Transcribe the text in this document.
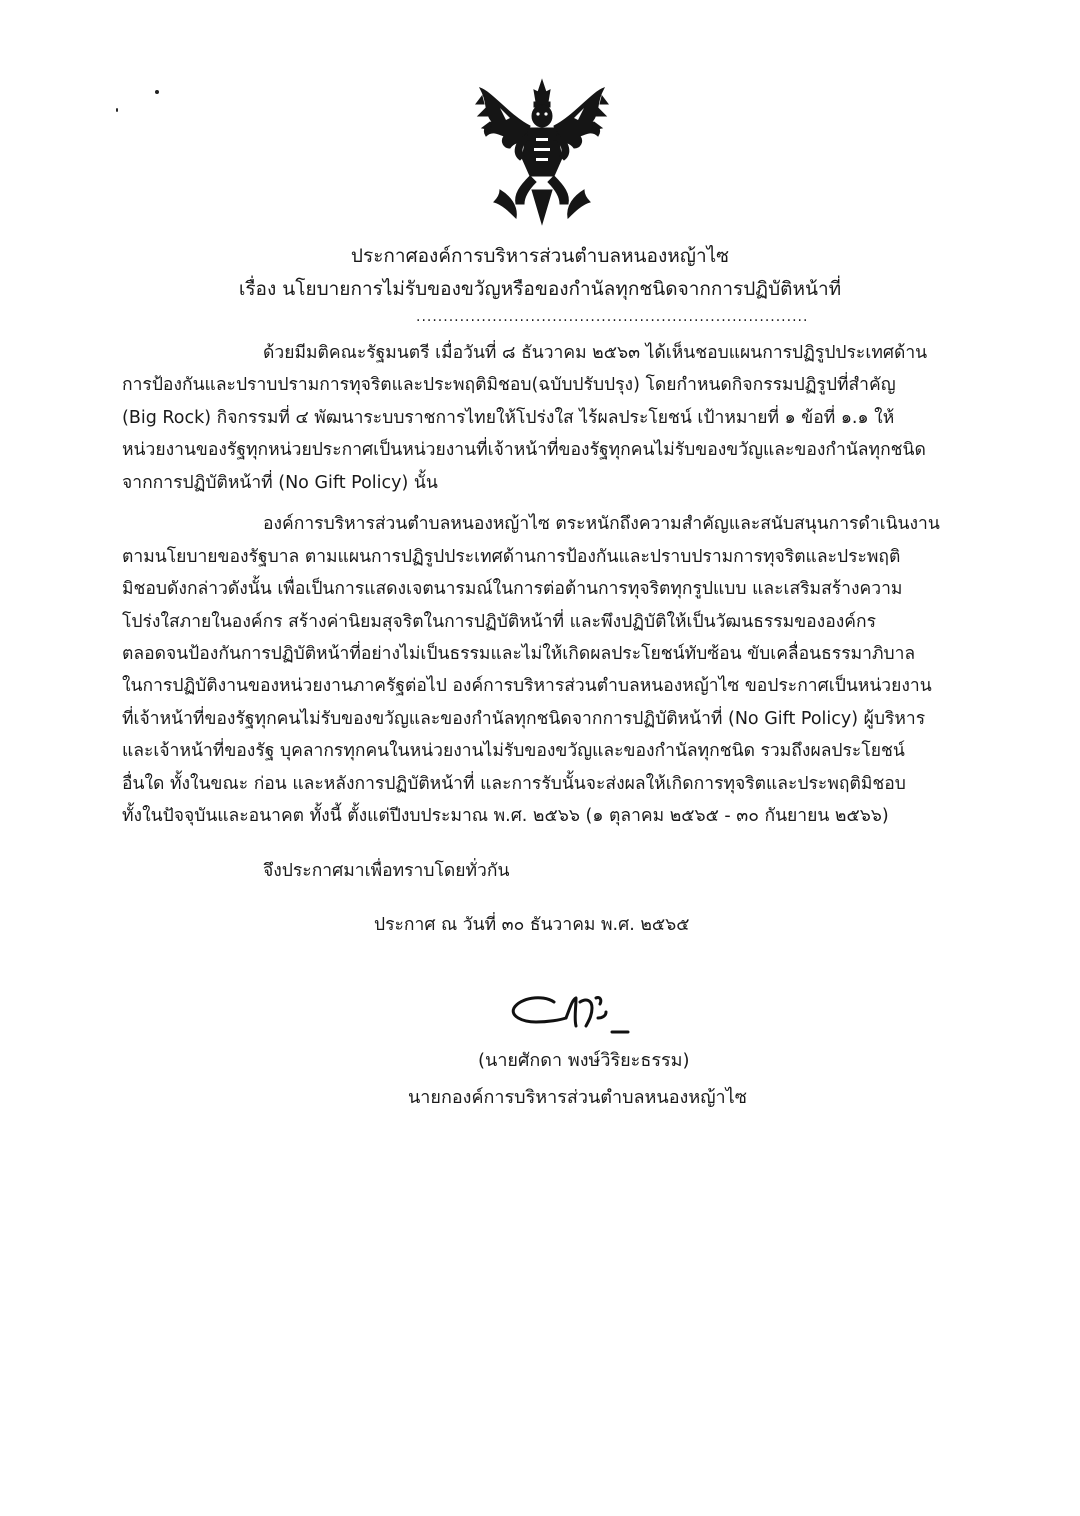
ประกาศองค์การบริหารส่วนตำบลหนองหญ้าไซ
เรื่อง นโยบายการไม่รับของขวัญหรือของกำนัลทุกชนิดจากการปฏิบัติหน้าที่
........................................................................
ด้วยมีมติคณะรัฐมนตรี เมื่อวันที่ ๘ ธันวาคม ๒๕๖๓ ได้เห็นชอบแผนการปฏิรูปประเทศด้าน
การป้องกันและปราบปรามการทุจริตและประพฤติมิชอบ(ฉบับปรับปรุง) โดยกำหนดกิจกรรมปฏิรูปที่สำคัญ
(Big Rock) กิจกรรมที่ ๔ พัฒนาระบบราชการไทยให้โปร่งใส ไร้ผลประโยชน์ เป้าหมายที่ ๑ ข้อที่ ๑.๑ ให้
หน่วยงานของรัฐทุกหน่วยประกาศเป็นหน่วยงานที่เจ้าหน้าที่ของรัฐทุกคนไม่รับของขวัญและของกำนัลทุกชนิด
จากการปฏิบัติหน้าที่ (No Gift Policy) นั้น
องค์การบริหารส่วนตำบลหนองหญ้าไซ ตระหนักถึงความสำคัญและสนับสนุนการดำเนินงาน
ตามนโยบายของรัฐบาล ตามแผนการปฏิรูปประเทศด้านการป้องกันและปราบปรามการทุจริตและประพฤติ
มิชอบดังกล่าวดังนั้น เพื่อเป็นการแสดงเจตนารมณ์ในการต่อต้านการทุจริตทุกรูปแบบ และเสริมสร้างความ
โปร่งใสภายในองค์กร สร้างค่านิยมสุจริตในการปฏิบัติหน้าที่ และพึงปฏิบัติให้เป็นวัฒนธรรมขององค์กร
ตลอดจนป้องกันการปฏิบัติหน้าที่อย่างไม่เป็นธรรมและไม่ให้เกิดผลประโยชน์ทับซ้อน ขับเคลื่อนธรรมาภิบาล
ในการปฏิบัติงานของหน่วยงานภาครัฐต่อไป องค์การบริหารส่วนตำบลหนองหญ้าไซ ขอประกาศเป็นหน่วยงาน
ที่เจ้าหน้าที่ของรัฐทุกคนไม่รับของขวัญและของกำนัลทุกชนิดจากการปฏิบัติหน้าที่ (No Gift Policy) ผู้บริหาร
และเจ้าหน้าที่ของรัฐ บุคลากรทุกคนในหน่วยงานไม่รับของขวัญและของกำนัลทุกชนิด รวมถึงผลประโยชน์
อื่นใด ทั้งในขณะ ก่อน และหลังการปฏิบัติหน้าที่ และการรับนั้นจะส่งผลให้เกิดการทุจริตและประพฤติมิชอบ
ทั้งในปัจจุบันและอนาคต ทั้งนี้ ตั้งแต่ปีงบประมาณ พ.ศ. ๒๕๖๖ (๑ ตุลาคม ๒๕๖๕ - ๓๐ กันยายน ๒๕๖๖)
จึงประกาศมาเพื่อทราบโดยทั่วกัน
ประกาศ ณ วันที่ ๓๐ ธันวาคม พ.ศ. ๒๕๖๕
(นายศักดา พงษ์วิริยะธรรม)
นายกองค์การบริหารส่วนตำบลหนองหญ้าไซ
